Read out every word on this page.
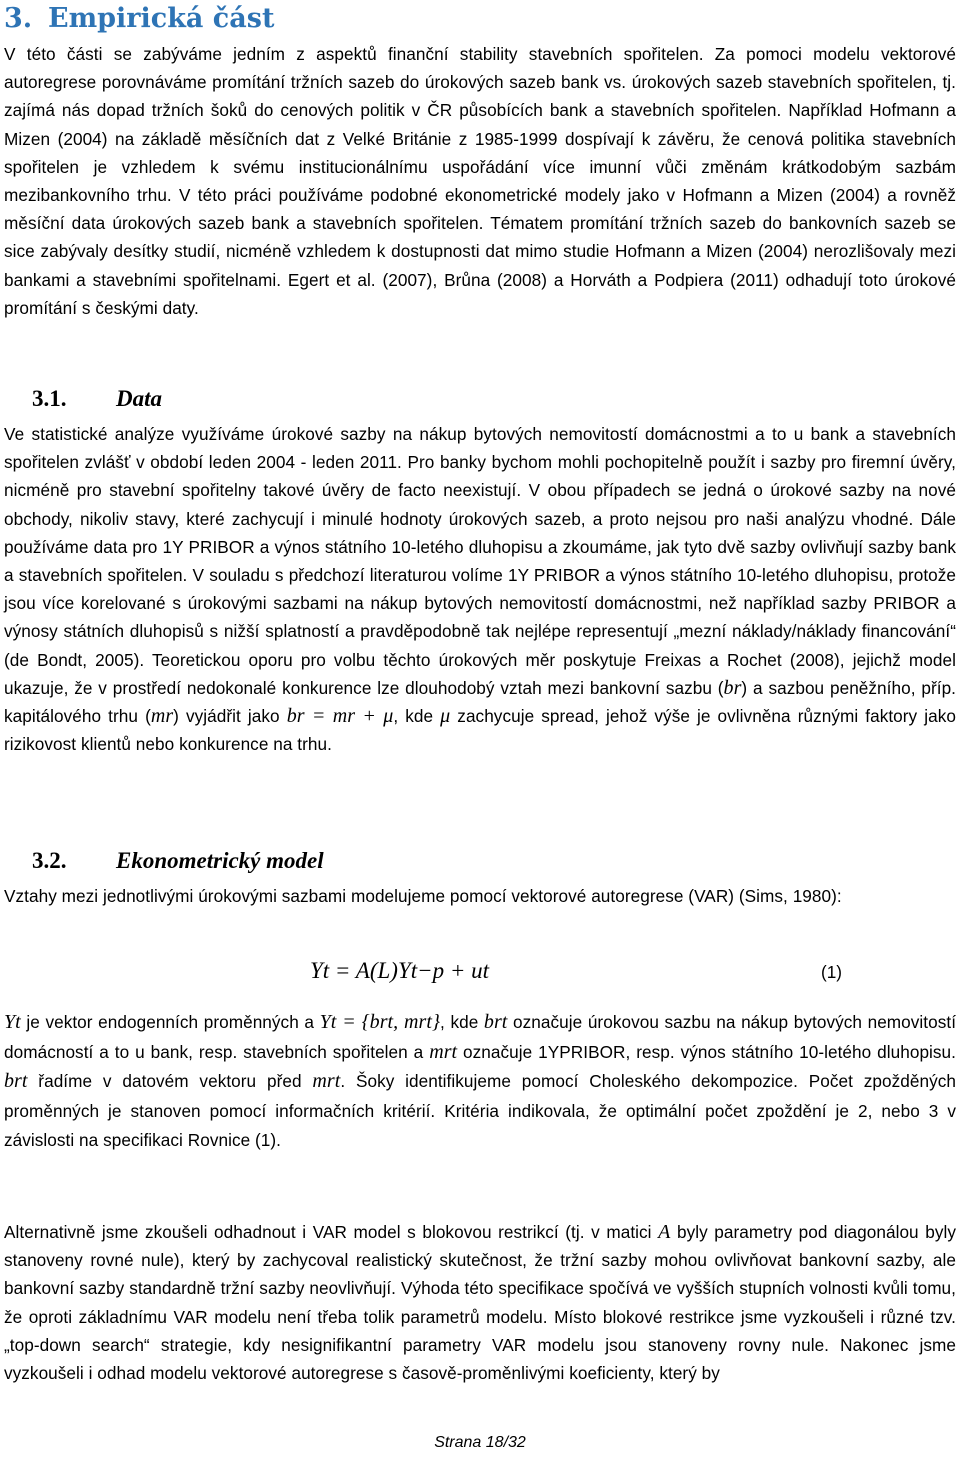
3. Empirická část

V této části se zabýváme jedním z aspektů finanční stability stavebních spořitelen. Za pomoci modelu vektorové autoregrese porovnáváme promítání tržních sazeb do úrokových sazeb bank vs. úrokových sazeb stavebních spořitelen, tj. zajímá nás dopad tržních šoků do cenových politik v ČR působících bank a stavebních spořitelen. Například Hofmann a Mizen (2004) na základě měsíčních dat z Velké Británie z 1985-1999 dospívají k závěru, že cenová politika stavebních spořitelen je vzhledem k svému institucionálnímu uspořádání více imunní vůči změnám krátkodobým sazbám mezibankovního trhu. V této práci používáme podobné ekonometrické modely jako v Hofmann a Mizen (2004) a rovněž měsíční data úrokových sazeb bank a stavebních spořitelen. Tématem promítání tržních sazeb do bankovních sazeb se sice zabývaly desítky studií, nicméně vzhledem k dostupnosti dat mimo studie Hofmann a Mizen (2004) nerozlišovaly mezi bankami a stavebními spořitelnami. Egert et al. (2007), Brůna (2008) a Horváth a Podpiera (2011) odhadují toto úrokové promítání s českými daty.

3.1. Data

Ve statistické analýze využíváme úrokové sazby na nákup bytových nemovitostí domácnostmi a to u bank a stavebních spořitelen zvlášť v období leden 2004 - leden 2011. Pro banky bychom mohli pochopitelně použít i sazby pro firemní úvěry, nicméně pro stavební spořitelny takové úvěry de facto neexistují. V obou případech se jedná o úrokové sazby na nové obchody, nikoliv stavy, které zachycují i minulé hodnoty úrokových sazeb, a proto nejsou pro naši analýzu vhodné. Dále používáme data pro 1Y PRIBOR a výnos státního 10-letého dluhopisu a zkoumáme, jak tyto dvě sazby ovlivňují sazby bank a stavebních spořitelen. V souladu s předchozí literaturou volíme 1Y PRIBOR a výnos státního 10-letého dluhopisu, protože jsou více korelované s úrokovými sazbami na nákup bytových nemovitostí domácnostmi, než například sazby PRIBOR a výnosy státních dluhopisů s nižší splatností a pravděpodobně tak nejlépe representují „mezní náklady/náklady financování“ (de Bondt, 2005). Teoretickou oporu pro volbu těchto úrokových měr poskytuje Freixas a Rochet (2008), jejichž model ukazuje, že v prostředí nedokonalé konkurence lze dlouhodobý vztah mezi bankovní sazbu (br) a sazbou peněžního, příp. kapitálového trhu (mr) vyjádřit jako br = mr + μ, kde μ zachycuje spread, jehož výše je ovlivněna různými faktory jako rizikovost klientů nebo konkurence na trhu.

3.2. Ekonometrický model

Vztahy mezi jednotlivými úrokovými sazbami modelujeme pomocí vektorové autoregrese (VAR) (Sims, 1980):

Yt = A(L)Yt−p + ut	(1)

Yt je vektor endogenních proměnných a Yt = {brt, mrt}, kde brt označuje úrokovou sazbu na nákup bytových nemovitostí domácností a to u bank, resp. stavebních spořitelen a mrt označuje 1YPRIBOR, resp. výnos státního 10-letého dluhopisu. brt řadíme v datovém vektoru před mrt. Šoky identifikujeme pomocí Choleského dekompozice. Počet zpožděných proměnných je stanoven pomocí informačních kritérií. Kritéria indikovala, že optimální počet zpoždění je 2, nebo 3 v závislosti na specifikaci Rovnice (1).

Alternativně jsme zkoušeli odhadnout i VAR model s blokovou restrikcí (tj. v matici A byly parametry pod diagonálou byly stanoveny rovné nule), který by zachycoval realistický skutečnost, že tržní sazby mohou ovlivňovat bankovní sazby, ale bankovní sazby standardně tržní sazby neovlivňují. Výhoda této specifikace spočívá ve vyšších stupních volnosti kvůli tomu, že oproti základnímu VAR modelu není třeba tolik parametrů modelu. Místo blokové restrikce jsme vyzkoušeli i různé tzv. „top-down search“ strategie, kdy nesignifikantní parametry VAR modelu jsou stanoveny rovny nule. Nakonec jsme vyzkoušeli i odhad modelu vektorové autoregrese s časově-proměnlivými koeficienty, který by

Strana 18/32
